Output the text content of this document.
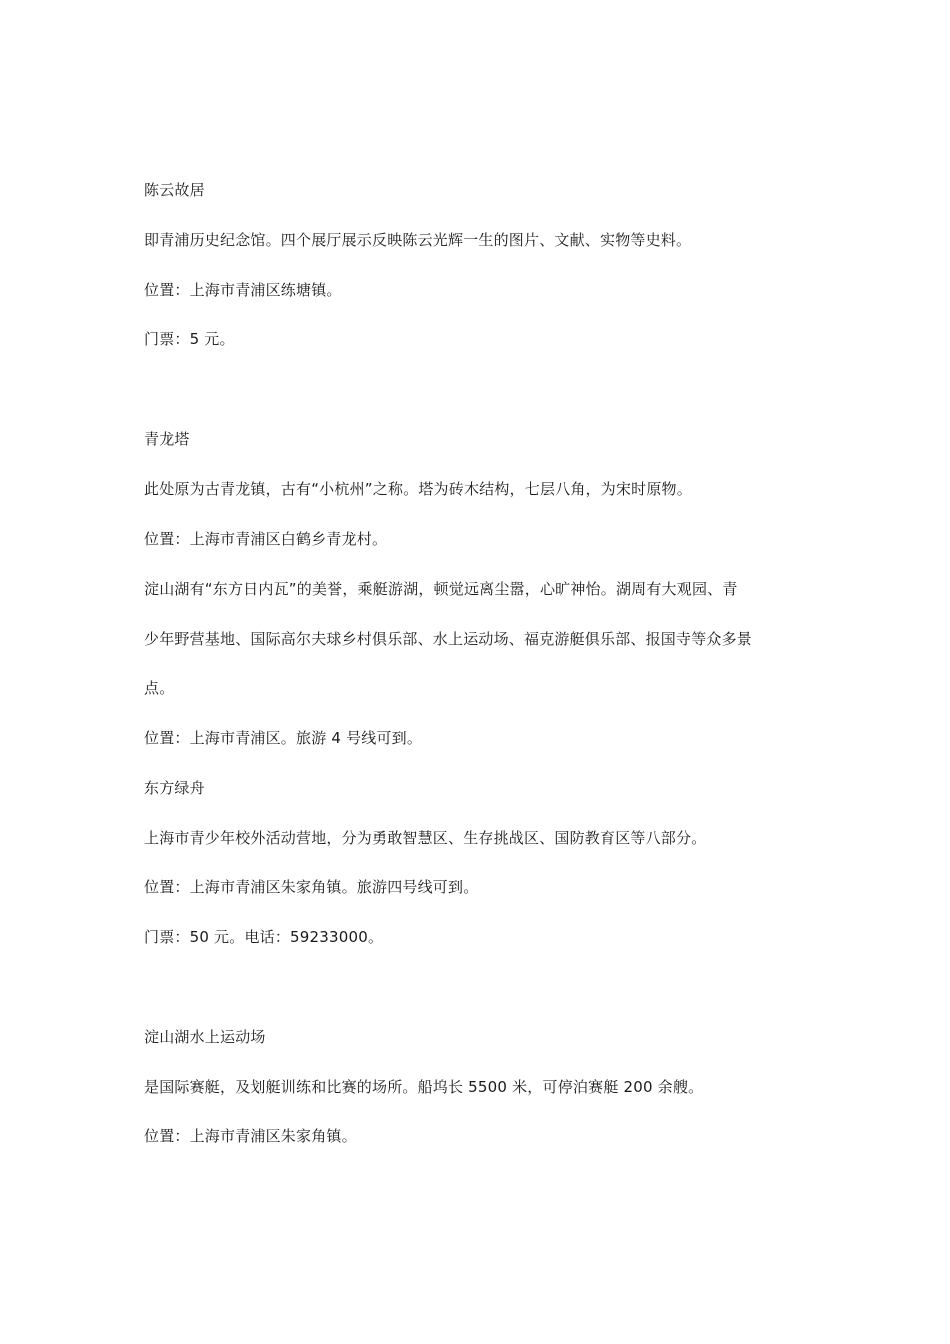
陈云故居
即青浦历史纪念馆。四个展厅展示反映陈云光辉一生的图片、文献、实物等史料。
位置：上海市青浦区练塘镇。
门票：5 元。
青龙塔
此处原为古青龙镇，古有“小杭州”之称。塔为砖木结构，七层八角，为宋时原物。
位置：上海市青浦区白鹤乡青龙村。
淀山湖有“东方日内瓦”的美誉，乘艇游湖，顿觉远离尘嚣，心旷神怡。湖周有大观园、青
少年野营基地、国际高尔夫球乡村俱乐部、水上运动场、福克游艇俱乐部、报国寺等众多景
点。
位置：上海市青浦区。旅游 4 号线可到。
东方绿舟
上海市青少年校外活动营地，分为勇敢智慧区、生存挑战区、国防教育区等八部分。
位置：上海市青浦区朱家角镇。旅游四号线可到。
门票：50 元。电话：59233000。
淀山湖水上运动场
是国际赛艇，及划艇训练和比赛的场所。船坞长 5500 米，可停泊赛艇 200 余艘。
位置：上海市青浦区朱家角镇。
